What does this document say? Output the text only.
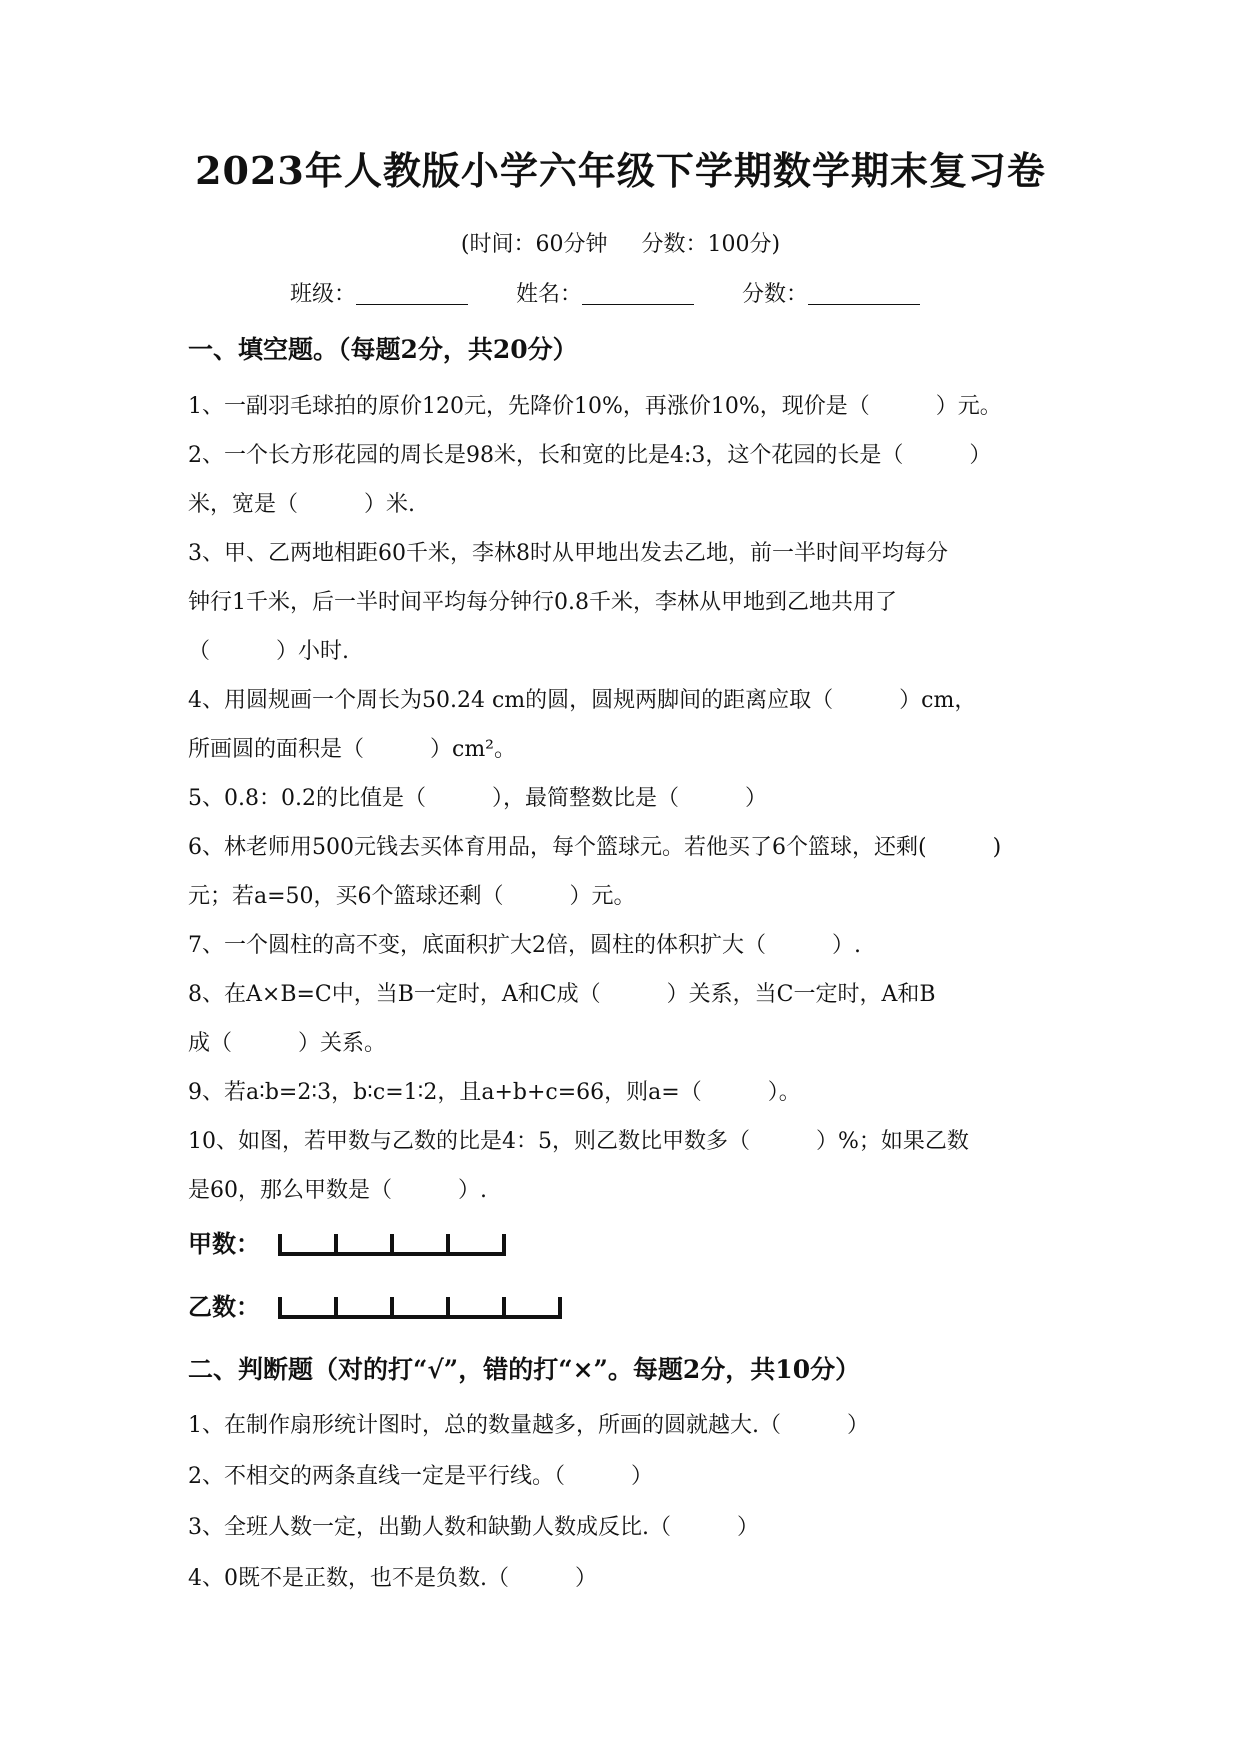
2023年人教版小学六年级下学期数学期末复习卷
(时间：60分钟 分数：100分)
班级：	姓名：	分数：
一、填空题。（每题2分，共20分）
1、一副羽毛球拍的原价120元，先降价10%，再涨价10%，现价是（　　　）元。
2、一个长方形花园的周长是98米，长和宽的比是4:3，这个花园的长是（　　　）
米，宽是（　　　）米.
3、甲、乙两地相距60千米，李林8时从甲地出发去乙地，前一半时间平均每分
钟行1千米，后一半时间平均每分钟行0.8千米，李林从甲地到乙地共用了
（　　　）小时.
4、用圆规画一个周长为50.24 cm的圆，圆规两脚间的距离应取（　　　）cm，
所画圆的面积是（　　　）cm²。
5、0.8：0.2的比值是（　　　），最简整数比是（　　　）
6、林老师用500元钱去买体育用品，每个篮球元。若他买了6个篮球，还剩(　　　)
元；若a=50，买6个篮球还剩（　　　）元。
7、一个圆柱的高不变，底面积扩大2倍，圆柱的体积扩大（　　　）.
8、在A×B=C中，当B一定时，A和C成（　　　）关系，当C一定时，A和B
成（　　　）关系。
9、若a∶b=2∶3，b∶c=1∶2，且a+b+c=66，则a=（　　　）。
10、如图，若甲数与乙数的比是4：5，则乙数比甲数多（　　　）%；如果乙数
是60，那么甲数是（　　　）.
甲数：
乙数：
二、判断题（对的打“√”，错的打“×”。每题2分，共10分）
1、在制作扇形统计图时，总的数量越多，所画的圆就越大.（　　　）
2、不相交的两条直线一定是平行线。（　　　）
3、全班人数一定，出勤人数和缺勤人数成反比.（　　　）
4、0既不是正数，也不是负数.（　　　）
